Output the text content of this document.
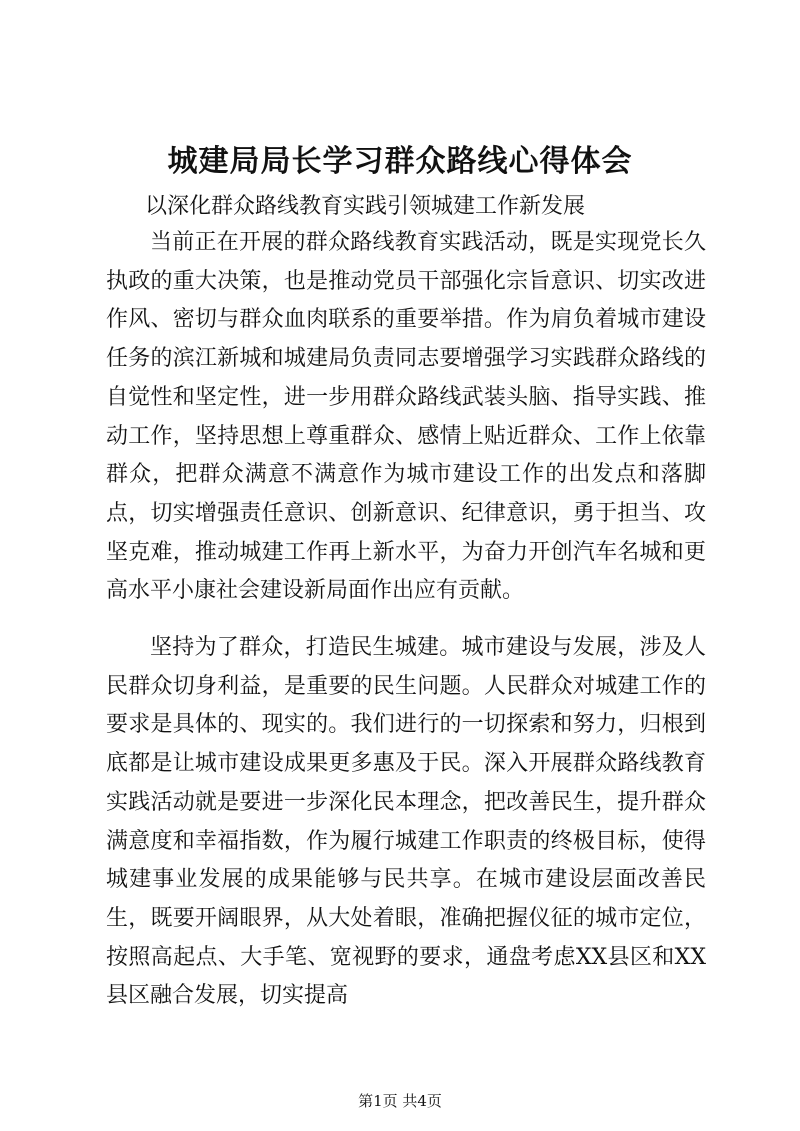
城建局局长学习群众路线心得体会
以深化群众路线教育实践引领城建工作新发展
当前正在开展的群众路线教育实践活动，既是实现党长久执政的重大决策，也是推动党员干部强化宗旨意识、切实改进作风、密切与群众血肉联系的重要举措。作为肩负着城市建设任务的滨江新城和城建局负责同志要增强学习实践群众路线的自觉性和坚定性，进一步用群众路线武装头脑、指导实践、推动工作，坚持思想上尊重群众、感情上贴近群众、工作上依靠群众，把群众满意不满意作为城市建设工作的出发点和落脚点，切实增强责任意识、创新意识、纪律意识，勇于担当、攻坚克难，推动城建工作再上新水平，为奋力开创汽车名城和更高水平小康社会建设新局面作出应有贡献。
坚持为了群众，打造民生城建。城市建设与发展，涉及人民群众切身利益，是重要的民生问题。人民群众对城建工作的要求是具体的、现实的。我们进行的一切探索和努力，归根到底都是让城市建设成果更多惠及于民。深入开展群众路线教育实践活动就是要进一步深化民本理念，把改善民生，提升群众满意度和幸福指数，作为履行城建工作职责的终极目标，使得城建事业发展的成果能够与民共享。在城市建设层面改善民生，既要开阔眼界，从大处着眼，准确把握仪征的城市定位，按照高起点、大手笔、宽视野的要求，通盘考虑XX县区和XX县区融合发展，切实提高
第1页 共4页
